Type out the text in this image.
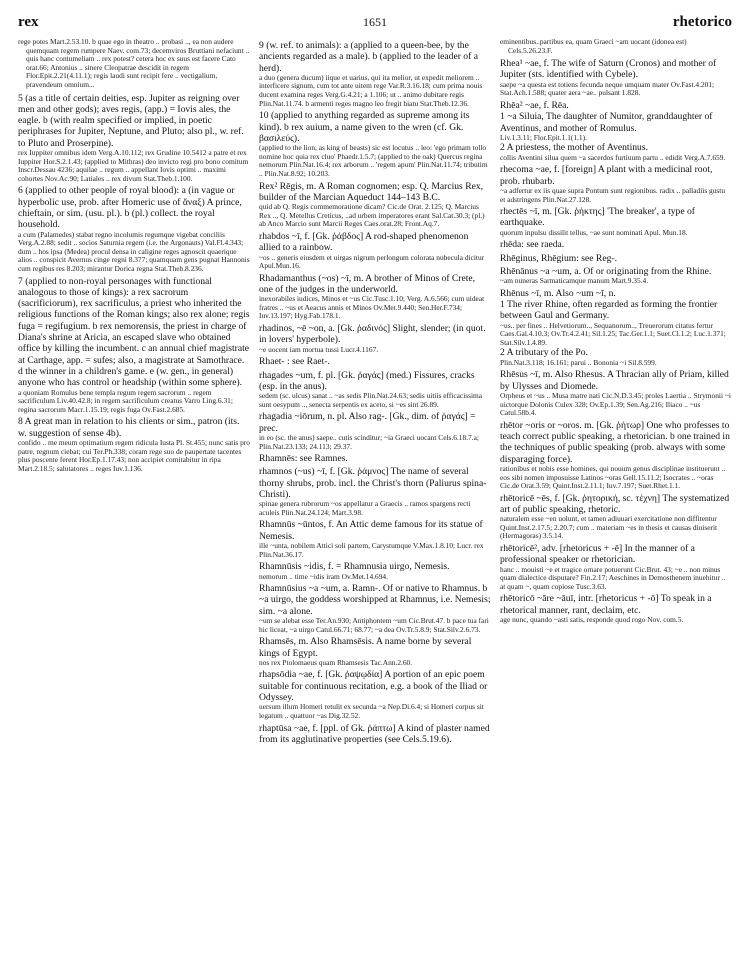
rex	1651	rhetorico
rege potes Mart.2.53.10. b quae ego in theatro .. probasi .., ea non audere quemquam regem rumpere Naev. com.73; decemviros Bruttiani nefaciunt .. quis hanc contumeliam .. rex potest? cetera hoc ex suus est facere Cato orat.66; Antonius .. sinere Cleopatrae descidit in regem Flor.Epit.2.21(4.11.1); regis laudi sunt recipit fere .. vectigalium, pravendeum omnium...
5 (as a title of certain deities, esp. Jupiter as reigning over men and other gods); aves regis, (app.) = Iovis ales, the eagle. b (with realm specified or implied, in poetic periphrases for Jupiter, Neptune, and Pluto; also pl., w. ref. to Pluto and Proserpine).
rex Iuppiter omnibus idem Verg.A.10.112; rex Grudine 10.5412 a patre et rex Iuppiter Hor.S.2.1.43; (applied to Mithras) deo invicto regi pro bono comitum Inscr.Dessau 4236; aquilae .. regum .. appellant Iovis optimi .. maximi cohortes Nov.Ac.90; Latiales .. rex divum Stat.Theb.1.100.
6 (applied to other people of royal blood): a (in vague or hyperbolic use, prob. after Homeric use of ἄναξ) A prince, chieftain, or sim. (usu. pl.). b (pl.) collect. the royal household.
a cum (Palamedes) stabat regno incolumis regumque vigebat conciliis Verg.A.2.88; sedit .. socios Saturnia regem (i.e. the Argonauts) Val.Fl.4.343; dum .. hos ipsa (Medea) procul densa in caligine reges agnoscit quaerique alios .. conspicit Avernus cinge regni 8.377; quamquam gens pugnat Hannonis cum regibus res 8.203; mirantur Dorica regna Stat.Theb.8.236.
7 (applied to non-royal personages with functional analogous to those of kings): a rex sacrorum (sacrificiorum), rex sacrificulus, a priest who inherited the religious functions of the Roman kings; also rex alone; regis fuga = regifugium. b rex nemorensis, the priest in charge of Diana's shrine at Aricia, an escaped slave who obtained office by killing the incumbent. c an annual chief magistrate at Carthage, app. = sufes; also, a magistrate at Samothrace. d the winner in a children's game. e (w. gen., in general) anyone who has control or headship (within some sphere).
a quoniam Romulus bene templa regum regem sacrorum .. regem sacrificulum Liv.40.42.8; in regem sacrificulum creatus Varro Ling.6.31; regina sacrorum Macr.1.15.19; regis fuga Ov.Fast.2.685.
8 A great man in relation to his clients or sim., patron (its. w. suggestion of sense 4b).
confido .. me meum optimatium regem ridicula Iusta Pl. St.455; nunc satis pro patre, regnum ciebat; cui Ter.Ph.338; coram rege suo de paupertate tacentes plus poscente ferent Hor.Ep.1.17.43; non accipiet comitabitur in ripa Mart.2.18.5; salutatores .. reges Iuv.1.136.
9 (w. ref. to animals): a (applied to a queen-bee, by the ancients regarded as a male). b (applied to the leader of a herd).
a duo (genera ducum) iique et uarius, qui ita melior, ut expedit meliorem .. interficere signum, cum tot ante uitem rege Var.R.3.16.18; cum prima nouis ducent examina reges Verg.G.4.21; a 1.106; ut .. animo dubitare regis Plin.Nat.11.74. b armenti reges magno leo fregit hiatu Stat.Theb.12.36.
10 (applied to anything regarded as supreme among its kind). b rex auium, a name given to the wren (cf. Gk. βασιλεύς).
(applied to the lion, as king of beasts) sic est locutus .. leo: 'ego primam tollo nomine hoc quia rex cluo' Phaedr.1.5.7; (applied to the oak) Quercus regina nemorum Plin.Nat.16.4; rex arborum .. 'regem apum' Plin.Nat.11.74; tributim .. Plin.Nat.8.92; 10.203.
Rex² Rēgis, m. A Roman cognomen; esp. Q. Marcius Rex, builder of the Marcian Aqueduct 144–143 B.C.
quid ab Q. Regis commemoratione dicam? Cic.de Orat. 2.125; Q. Marcius Rex .., Q. Metellus Creticus, ..ad urbem imperatores erant Sal.Cat.30.3; (pl.) ab Anco Marcio sunt Marcii Reges Caes.orat.28; Front.Aq.7.
rhabdos ~ī, f. [Gk. ῥάβδος] A rod-shaped phenomenon allied to a rainbow.
~os .. generis eiusdem et uirgas nigrum perlongum colorata nubecula dicitur Apul.Mun.16.
Rhadamanthus (~os) ~ī, m. A brother of Minos of Crete, one of the judges in the underworld.
inexorabiles iudices, Minos et ~us Cic.Tusc.1.10; Verg. A.6.566; cum uideat fratres .. ~us et Aeacus annis et Minos Ov.Met.9.440; Sen.Her.F.734; Iuv.13.197; Hyg.Fab.178.1.
rhadinos, ~ē ~on, a. [Gk. ῥαδινός] Slight, slender; (in quot. in lovers' hyperbole).
~e uocent iam mortua tussi Lucr.4.1167.
Rhaet- : see Raet-.
rhagades ~um, f. pl. [Gk. ῥαγάς] (med.) Fissures, cracks (esp. in the anus).
sedem (sc. ulcus) sanat .. ~as sedis Plin.Nat.24.63; sedis uitiis efficacissima sunt oesypum .., senecta serpentis ex aceto, si ~es sint 26.89.
rhagadia ~iōrum, n. pl. Also rag-. [Gk., dim. of ῥαγάς] = prec.
in eo (sc. the anus) saepe.. cutis scinditur; ~ia Graeci uocant Cels.6.18.7.a; Plin.Nat.23.133; 24.113; 29.37.
Rhamnēs: see Ramnes.
rhamnos (~us) ~ī, f. [Gk. ῥάμνος] The name of several thorny shrubs, prob. incl. the Christ's thorn (Paliurus spina-Christi).
spinae genera rubrorum ~os appellatur a Graecis .. ramos spargens recti aculeis Plin.Nat.24.124; Mart.3.98.
Rhamnūs ~ūntos, f. An Attic deme famous for its statue of Nemesis.
ille ~unta, nobilem Attici soli partem, Carystumque V.Max.1.8.10; Lucr. rex Plin.Nat.36.17.
Rhamnūsis ~idis, f. = Rhamnusia uirgo, Nemesis.
nemorum .. time ~idis iram Ov.Met.14.694.
Rhamnūsius ~a ~um, a. Ramn-. Of or native to Rhamnus. b ~a uirgo, the goddess worshipped at Rhamnus, i.e. Nemesis; sim. ~a alone.
~um se alebat esse Ter.An.930; Antiphontem ~um Cic.Brut.47. b pace tua fari hic liceat, ~a uirgo Catul.66.71; 68.77; ~a dea Ov.Tr.5.8.9; Stat.Silv.2.6.73.
Rhamsēs, m. Also Rhamsēsis. A name borne by several kings of Egypt.
nos rex Ptolomaeus quam Rhamsesis Tac.Ann.2.60.
rhapsōdia ~ae, f. [Gk. ῥαψῳδία] A portion of an epic poem suitable for continuous recitation, e.g. a book of the Iliad or Odyssey.
uersum illum Homeri retulit ex secunda ~a Nep.Di.6.4; si Homeri corpus sit legatum .. quattuor ~as Dig.32.52.
rhaptūsa ~ae, f. [ppl. of Gk. ῥάπτω] A kind of plaster named from its agglutinative properties (see Cels.5.19.6).
eminentibus..partibus ea, quam Graeci ~am uocant (idonea est) Cels.5.26.23.F.
Rhea¹ ~ae, f. The wife of Saturn (Cronos) and mother of Jupiter (sts. identified with Cybele).
saepe ~a questa est totiens fecunda neque umquam mater Ov.Fast.4.201; Stat.Ach.1.588; quater aera ~ae.. pulsant 1.828.
Rhēa² ~ae, f. Rēa.
1 ~a Siluia, The daughter of Numitor, granddaughter of Aventinus, and mother of Romulus.
Liv.1.3.11; Flor.Epit.1.1(1.1).
2 A priestess, the mother of Aventinus.
collis Aventini silua quem ~a sacerdos furtiuum partu .. edidit Verg.A.7.659.
rhecoma ~ae, f. [foreign] A plant with a medicinal root, prob. rhubarb.
~a adfertur ex iis quae supra Pontum sunt regionibus. radix .. palladiis gustu et adstringens Plin.Nat.27.128.
rhectēs ~ī, m. [Gk. ῥήκτης] 'The breaker', a type of earthquake.
quorum inpulsu dissilit tellus, ~ae sunt nominati Apul. Mun.18.
rhēda: see raeda.
Rhēginus, Rhēgium: see Reg-.
Rhēnānus ~a ~um, a. Of or originating from the Rhine.
~am nuneras Sarmaticamque manum Mart.9.35.4.
Rhēnus ~ī, m. Also ~um ~ī, n.
1 The river Rhine, often regarded as forming the frontier between Gaul and Germany.
~us.. per fines .. Helvetiorum.., Sequanorum.., Treuerorum citatus fertur Caes.Gal.4.10.3; Ov.Tr.4.2.41; Sil.1.25; Tac.Ger.1.1; Suet.Cl.1.2; Luc.1.371; Stat.Silv.1.4.89.
2 A tributary of the Po.
Plin.Nat.3.118; 16.161; parui .. Bononia ~i Sil.8.599.
Rhēsus ~ī, m. Also Rhesus. A Thracian ally of Priam, killed by Ulysses and Diomede.
Orpheus et ~us .. Musa matre nati Cic.N.D.3.45; proles Laertia .. Strymonii ~i uictorque Dolonis Culex 328; Ov.Ep.1.39; Sen.Ag.216; Iliaco .. ~us Catul.58b.4.
rhētor ~oris or ~oros. m. [Gk. ῥήτωρ] One who professes to teach correct public speaking, a rhetorician. b one trained in the techniques of public speaking (prob. always with some disparaging force).
rationibus et nobis esse homines, qui nouum genus disciplinae instituerunt .. eos sibi nomen imposuisse Latinos ~oras Gell.15.11.2; Isocrates .. ~oras Cic.de Orat.3.59; Quint.Inst.2.11.1; Iuv.7.197; Suet.Rhet.1.1.
rhētoricē ~ēs, f. [Gk. ῥητορική, sc. τέχνη] The systematized art of public speaking, rhetoric.
naturalem esse ~en uolunt, et tamen adiuuari exercitatione non diffitentur Quint.Inst.2.17.5; 2.20.7; cum .. materiam ~es in thesis et causas diuiserit (Hermagoras) 3.5.14.
rhētoricē², adv. [rhetoricus + -ē] In the manner of a professional speaker or rhetorician.
hanc .. mouisti ~e et tragice ornare potuerunt Cic.Brut. 43; ~e .. non minus quam dialectice disputare? Fin.2.17; Aeschines in Demosthenem inuehitur .. at quam ~, quam copiose Tusc.3.63.
rhētoricō ~āre ~āuī, intr. [rhetoricus + -ō] To speak in a rhetorical manner, rant, declaim, etc.
age nunc, quando ~asti satis, responde quod rogo Nov. com.5.
